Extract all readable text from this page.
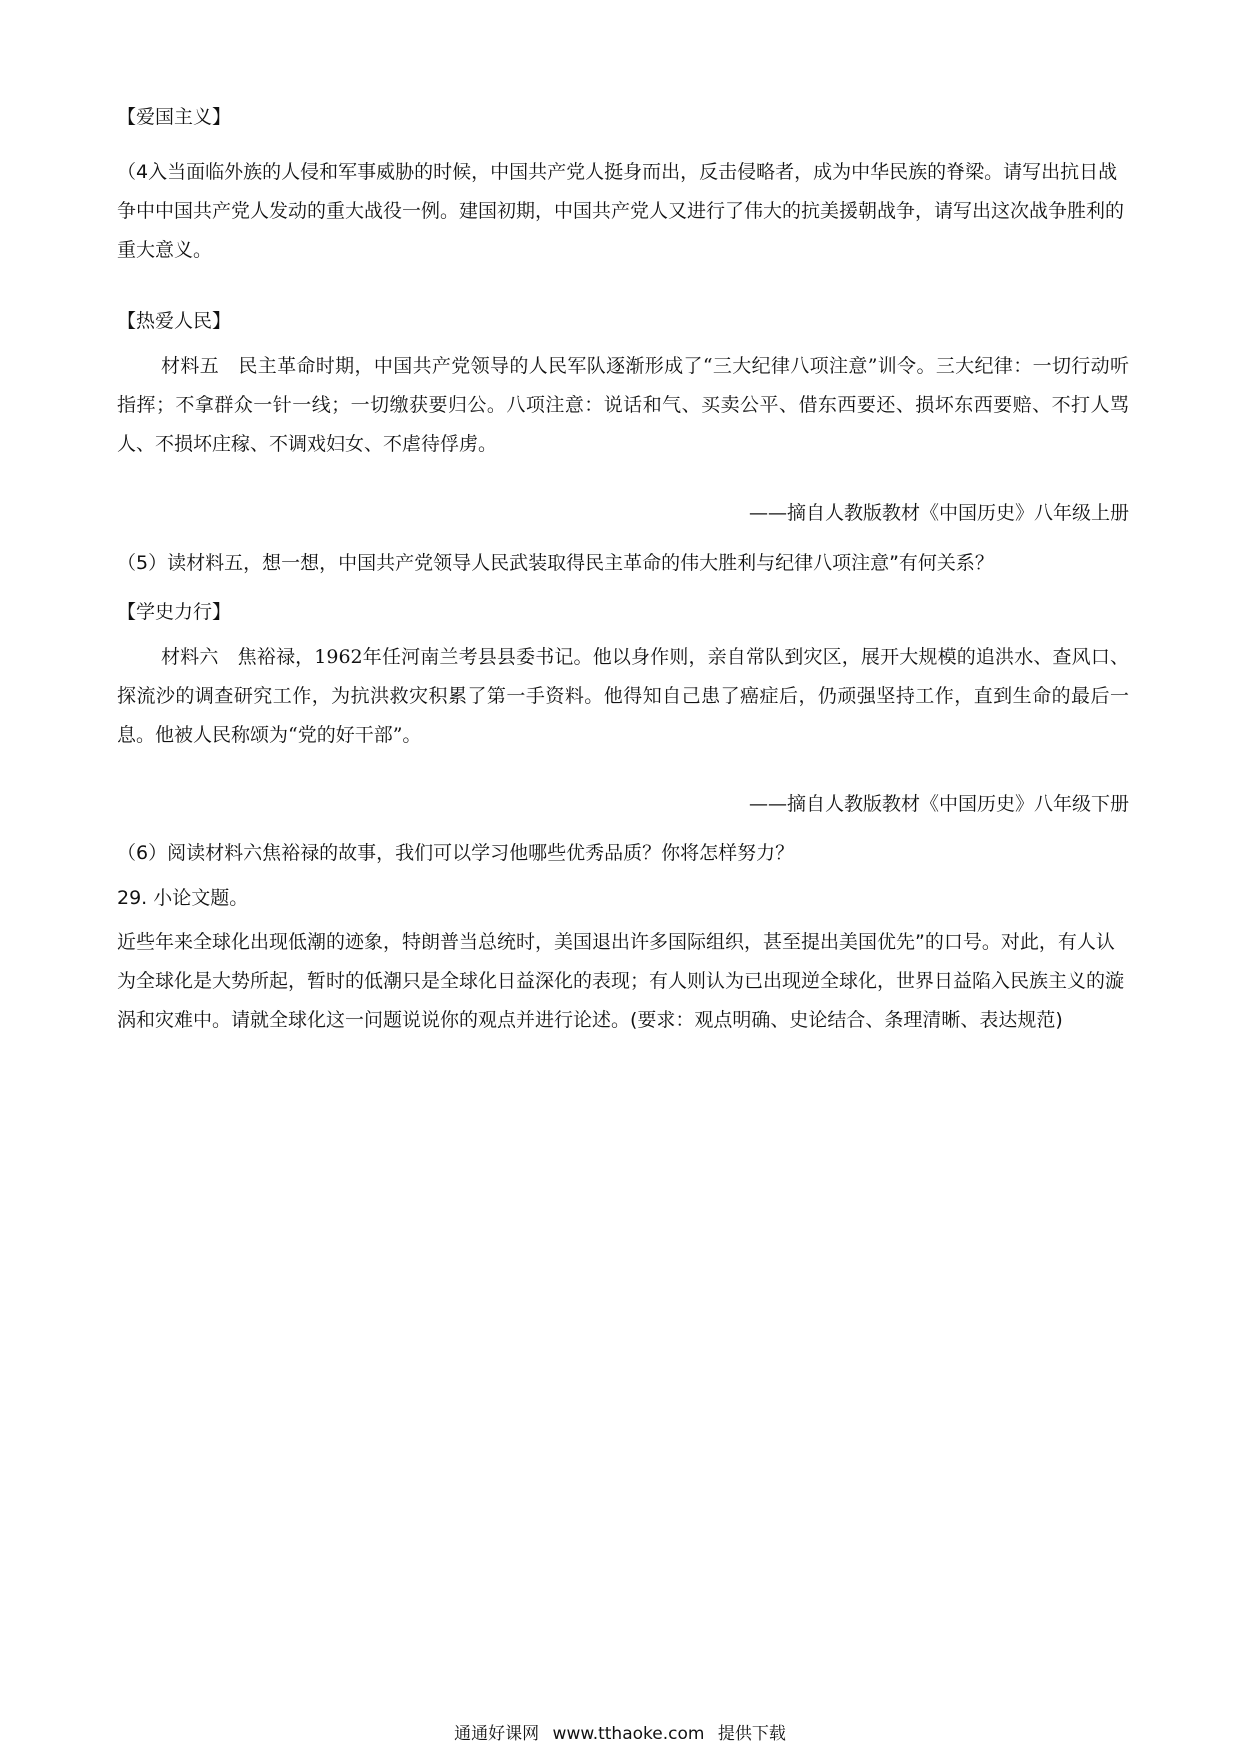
【爱国主义】

（4入当面临外族的人侵和军事威胁的时候，中国共产党人挺身而出，反击侵略者，成为中华民族的脊梁。请写出抗日战争中中国共产党人发动的重大战役一例。建国初期，中国共产党人又进行了伟大的抗美援朝战争，请写出这次战争胜利的重大意义。

【热爱人民】

材料五　民主革命时期，中国共产党领导的人民军队逐渐形成了“三大纪律八项注意”训令。三大纪律：一切行动听指挥；不拿群众一针一线；一切缴获要归公。八项注意：说话和气、买卖公平、借东西要还、损坏东西要赔、不打人骂人、不损坏庄稼、不调戏妇女、不虐待俘虏。

——摘自人教版教材《中国历史》八年级上册

（5）读材料五，想一想，中国共产党领导人民武装取得民主革命的伟大胜利与纪律八项注意”有何关系？

【学史力行】

材料六　焦裕禄，1962年任河南兰考县县委书记。他以身作则，亲自常队到灾区，展开大规模的追洪水、查风口、探流沙的调查研究工作，为抗洪救灾积累了第一手资料。他得知自己患了癌症后，仍顽强坚持工作，直到生命的最后一息。他被人民称颂为“党的好干部”。

——摘自人教版教材《中国历史》八年级下册

（6）阅读材料六焦裕禄的故事，我们可以学习他哪些优秀品质？你将怎样努力？

29. 小论文题。

近些年来全球化出现低潮的迹象，特朗普当总统时，美国退出许多国际组织，甚至提出美国优先”的口号。对此，有人认为全球化是大势所起，暂时的低潮只是全球化日益深化的表现；有人则认为已出现逆全球化，世界日益陷入民族主义的漩涡和灾难中。请就全球化这一问题说说你的观点并进行论述。(要求：观点明确、史论结合、条理清晰、表达规范)

通通好课网 www.tthaoke.com 提供下载
